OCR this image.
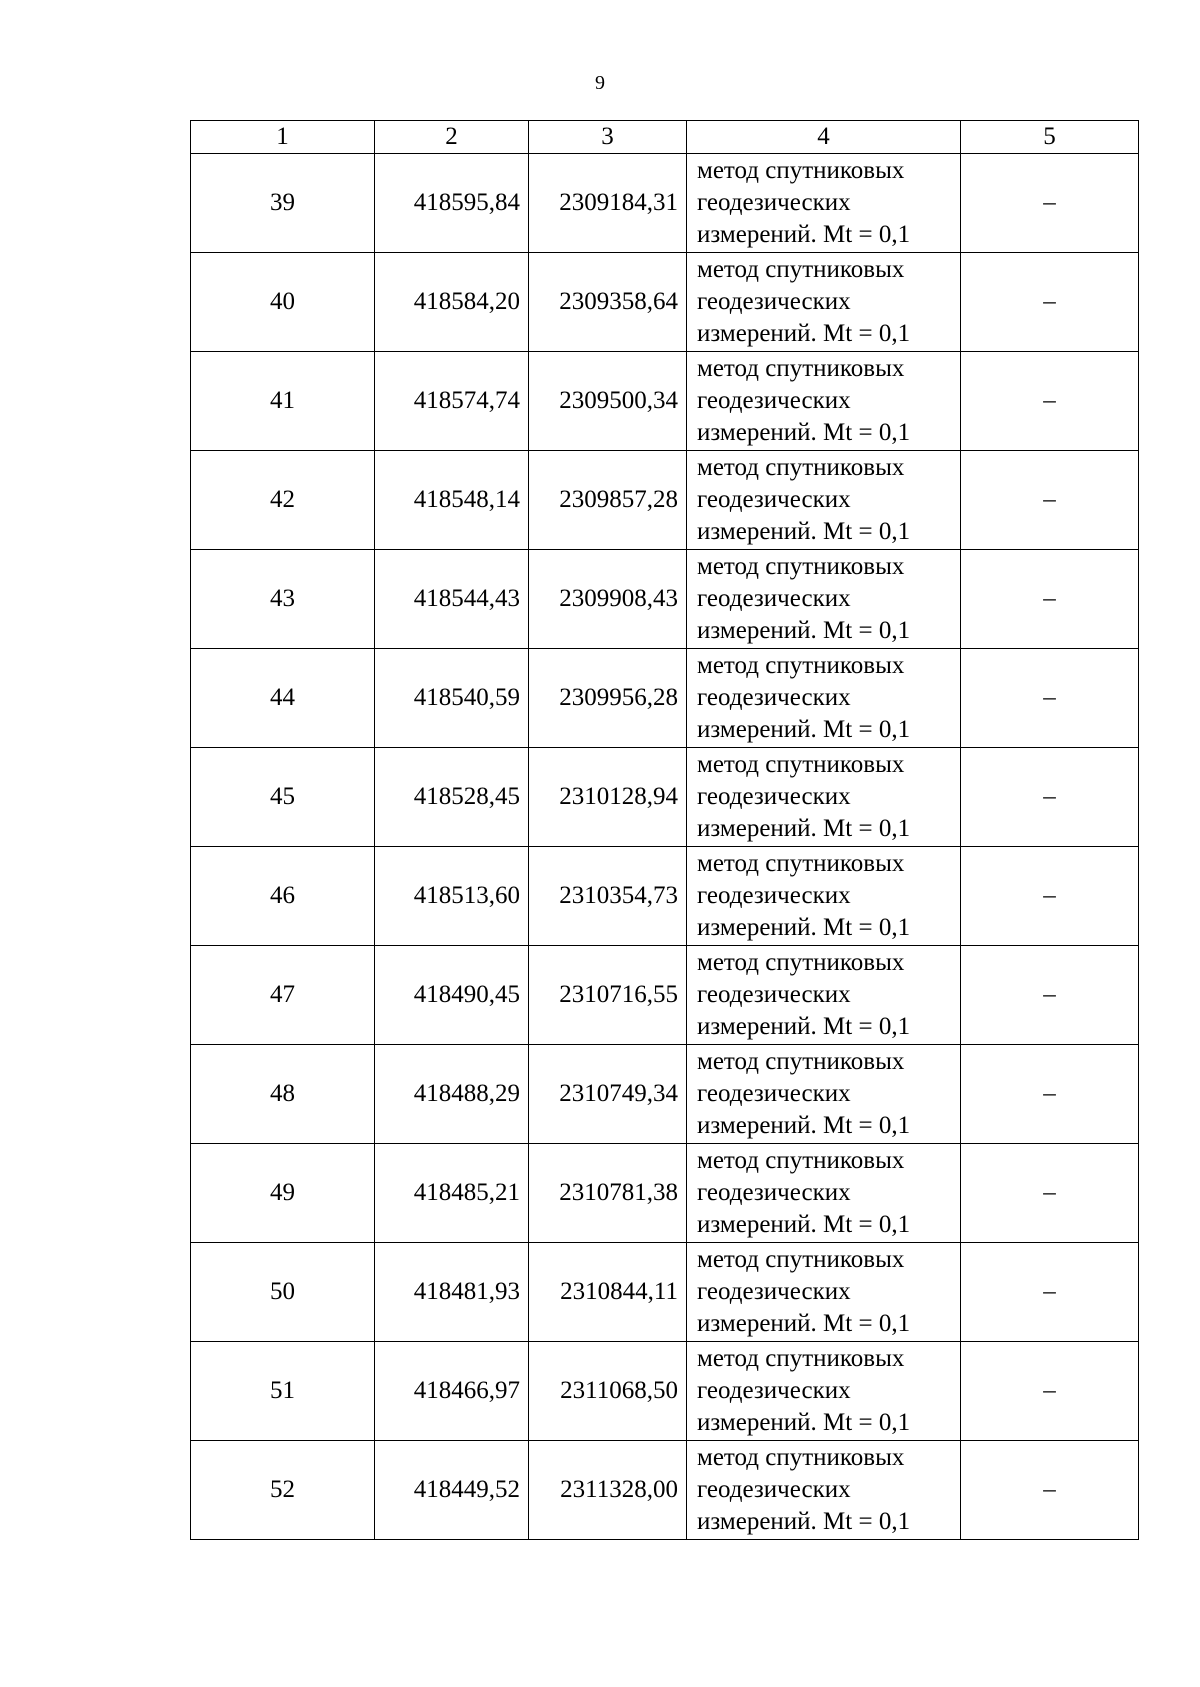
9
1	2	3	4	5
39	418595,84	2309184,31	метод спутниковых
геодезических
измерений. Mt = 0,1	–
40	418584,20	2309358,64	метод спутниковых
геодезических
измерений. Mt = 0,1	–
41	418574,74	2309500,34	метод спутниковых
геодезических
измерений. Mt = 0,1	–
42	418548,14	2309857,28	метод спутниковых
геодезических
измерений. Mt = 0,1	–
43	418544,43	2309908,43	метод спутниковых
геодезических
измерений. Mt = 0,1	–
44	418540,59	2309956,28	метод спутниковых
геодезических
измерений. Mt = 0,1	–
45	418528,45	2310128,94	метод спутниковых
геодезических
измерений. Mt = 0,1	–
46	418513,60	2310354,73	метод спутниковых
геодезических
измерений. Mt = 0,1	–
47	418490,45	2310716,55	метод спутниковых
геодезических
измерений. Mt = 0,1	–
48	418488,29	2310749,34	метод спутниковых
геодезических
измерений. Mt = 0,1	–
49	418485,21	2310781,38	метод спутниковых
геодезических
измерений. Mt = 0,1	–
50	418481,93	2310844,11	метод спутниковых
геодезических
измерений. Mt = 0,1	–
51	418466,97	2311068,50	метод спутниковых
геодезических
измерений. Mt = 0,1	–
52	418449,52	2311328,00	метод спутниковых
геодезических
измерений. Mt = 0,1	–
